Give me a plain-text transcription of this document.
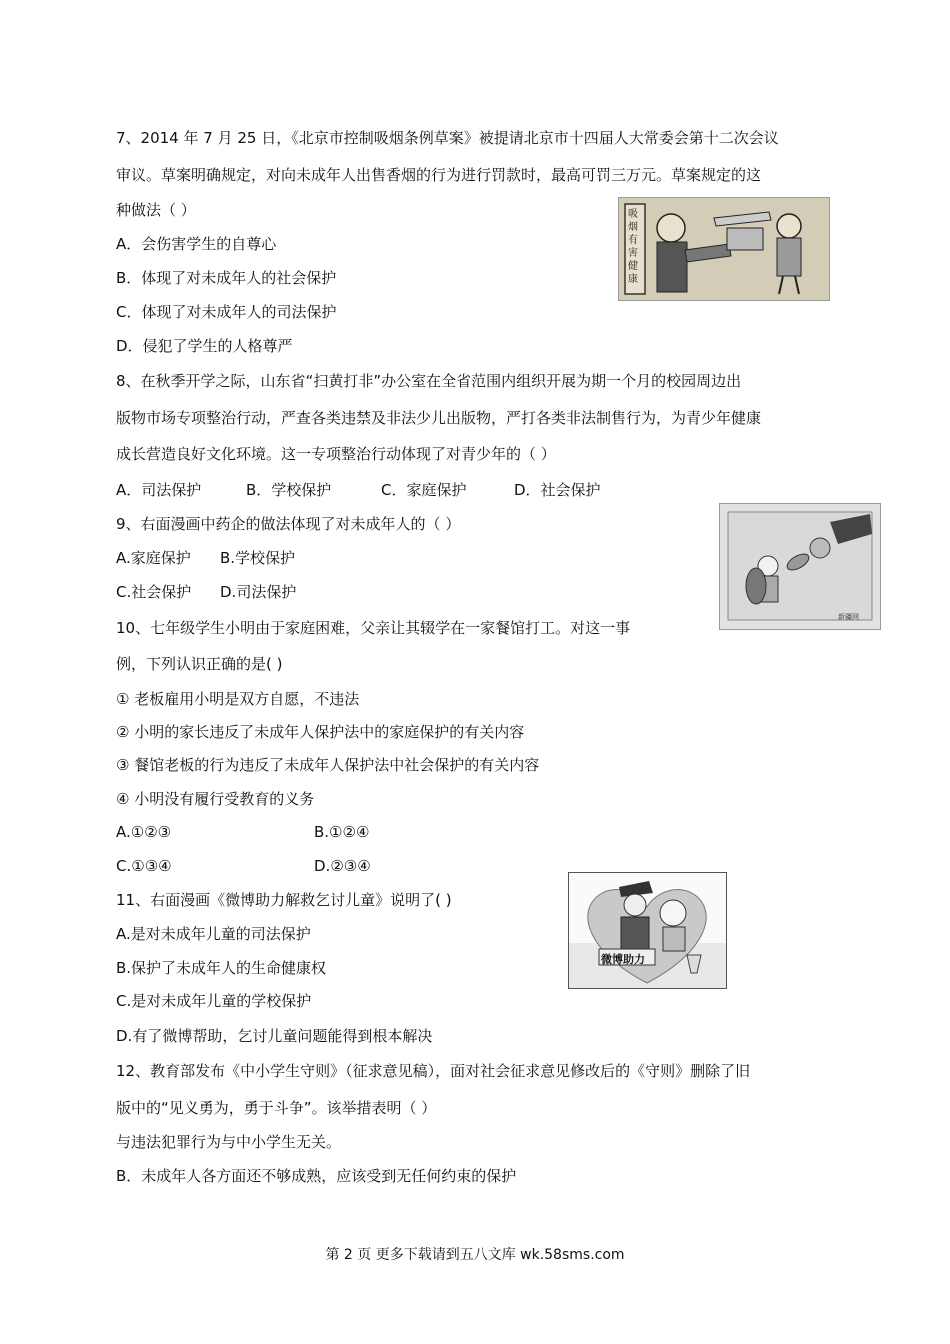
7、2014 年 7 月 25 日，《北京市控制吸烟条例草案》被提请北京市十四届人大常委会第十二次会议
审议。草案明确规定，对向未成年人出售香烟的行为进行罚款时，最高可罚三万元。草案规定的这
种做法（ ）
A．会伤害学生的自尊心
B．体现了对未成年人的社会保护
C．体现了对未成年人的司法保护
D．侵犯了学生的人格尊严
吸烟有害健康
8、在秋季开学之际，山东省“扫黄打非”办公室在全省范围内组织开展为期一个月的校园周边出
版物市场专项整治行动，严查各类违禁及非法少儿出版物，严打各类非法制售行为，为青少年健康
成长营造良好文化环境。这一专项整治行动体现了对青少年的（ ）
A．司法保护	B．学校保护	C．家庭保护	D．社会保护
9、右面漫画中药企的做法体现了对未成年人的（ ）
A.家庭保护 B.学校保护
C.社会保护 D.司法保护
新疆网
10、七年级学生小明由于家庭困难，父亲让其辍学在一家餐馆打工。对这一事
例，下列认识正确的是( )
① 老板雇用小明是双方自愿，不违法
② 小明的家长违反了未成年人保护法中的家庭保护的有关内容
③ 餐馆老板的行为违反了未成年人保护法中社会保护的有关内容
④ 小明没有履行受教育的义务
A.①②③	B.①②④
C.①③④	D.②③④
11、右面漫画《微博助力解救乞讨儿童》说明了( )
A.是对未成年儿童的司法保护
B.保护了未成年人的生命健康权
C.是对未成年儿童的学校保护
D.有了微博帮助，乞讨儿童问题能得到根本解决
微博助力
12、教育部发布《中小学生守则》（征求意见稿），面对社会征求意见修改后的《守则》删除了旧
版中的“见义勇为，勇于斗争”。该举措表明（ ）
与违法犯罪行为与中小学生无关。
B．未成年人各方面还不够成熟，应该受到无任何约束的保护
第 2 页 更多下载请到五八文库 wk.58sms.com
